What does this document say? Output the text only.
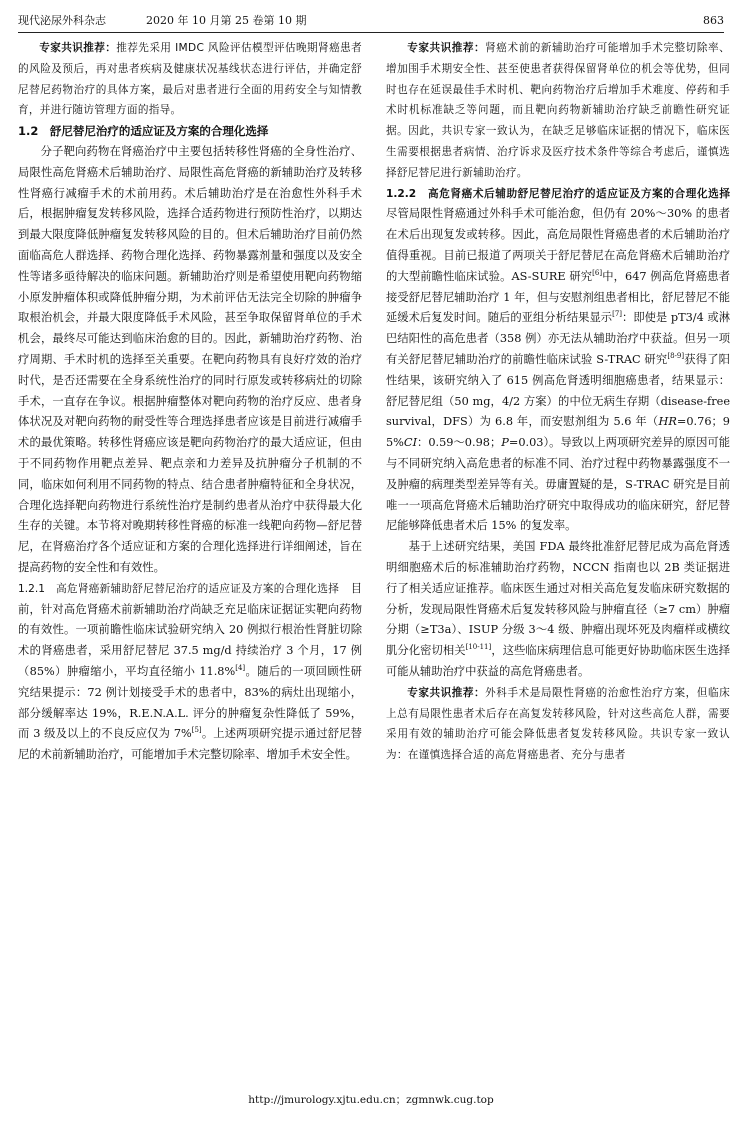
现代泌尿外科杂志	2020 年 10 月第 25 卷第 10 期	863

专家共识推荐：推荐先采用 IMDC 风险评估模型评估晚期肾癌患者的风险及预后，再对患者疾病及健康状况基线状态进行评估，并确定舒尼替尼药物治疗的具体方案，最后对患者进行全面的用药安全与知情教育，并进行随访管理方面的指导。

1.2　舒尼替尼治疗的适应证及方案的合理化选择

分子靶向药物在肾癌治疗中主要包括转移性肾癌的全身性治疗、局限性高危肾癌术后辅助治疗、局限性高危肾癌的新辅助治疗及转移性肾癌行减瘤手术的术前用药。术后辅助治疗是在治愈性外科手术后，根据肿瘤复发转移风险，选择合适药物进行预防性治疗，以期达到最大限度降低肿瘤复发转移风险的目的。但术后辅助治疗目前仍然面临高危人群选择、药物合理化选择、药物暴露剂量和强度以及安全性等诸多亟待解决的临床问题。新辅助治疗则是希望使用靶向药物缩小原发肿瘤体积或降低肿瘤分期，为术前评估无法完全切除的肿瘤争取根治机会，并最大限度降低手术风险，甚至争取保留肾单位的手术机会，最终尽可能达到临床治愈的目的。因此，新辅助治疗药物、治疗周期、手术时机的选择至关重要。在靶向药物具有良好疗效的治疗时代，是否还需要在全身系统性治疗的同时行原发或转移病灶的切除手术，一直存在争议。根据肿瘤整体对靶向药物的治疗反应、患者身体状况及对靶向药物的耐受性等合理选择患者应该是目前进行减瘤手术的最优策略。转移性肾癌应该是靶向药物治疗的最大适应证，但由于不同药物作用靶点差异、靶点亲和力差异及抗肿瘤分子机制的不同，临床如何利用不同药物的特点、结合患者肿瘤特征和全身状况，合理化选择靶向药物进行系统性治疗是制约患者从治疗中获得最大化生存的关键。本节将对晚期转移性肾癌的标准一线靶向药物—舒尼替尼，在肾癌治疗各个适应证和方案的合理化选择进行详细阐述，旨在提高药物的安全性和有效性。

1.2.1　高危肾癌新辅助舒尼替尼治疗的适应证及方案的合理化选择　 目前，针对高危肾癌术前新辅助治疗尚缺乏充足临床证据证实靶向药物的有效性。一项前瞻性临床试验研究纳入 20 例拟行根治性肾脏切除术的肾癌患者，采用舒尼替尼 37.5 mg/d 持续治疗 3 个月，17 例（85%）肿瘤缩小，平均直径缩小 11.8%[4]。随后的一项回顾性研究结果提示：72 例计划接受手术的患者中，83%的病灶出现缩小，部分缓解率达 19%，R.E.N.A.L. 评分的肿瘤复杂性降低了 59%，而 3 级及以上的不良反应仅为 7%[5]。上述两项研究提示通过舒尼替尼的术前新辅助治疗，可能增加手术完整切除率、增加手术安全性。

专家共识推荐：肾癌术前的新辅助治疗可能增加手术完整切除率、增加围手术期安全性、甚至使患者获得保留肾单位的机会等优势，但同时也存在延误最佳手术时机、靶向药物治疗后增加手术难度、停药和手术时机标准缺乏等问题，而且靶向药物新辅助治疗缺乏前瞻性研究证据。因此，共识专家一致认为，在缺乏足够临床证据的情况下，临床医生需要根据患者病情、治疗诉求及医疗技术条件等综合考虑后，谨慎选择舒尼替尼进行新辅助治疗。

1.2.2　高危肾癌术后辅助舒尼替尼治疗的适应证及方案的合理化选择　尽管局限性肾癌通过外科手术可能治愈，但仍有 20%～30% 的患者在术后出现复发或转移。因此，高危局限性肾癌患者的术后辅助治疗值得重视。目前已报道了两项关于舒尼替尼在高危肾癌术后辅助治疗的大型前瞻性临床试验。AS-SURE 研究[6]中，647 例高危肾癌患者接受舒尼替尼辅助治疗 1 年，但与安慰剂组患者相比，舒尼替尼不能延缓术后复发时间。随后的亚组分析结果显示[7]：即使是 pT3/4 或淋巴结阳性的高危患者（358 例）亦无法从辅助治疗中获益。但另一项有关舒尼替尼辅助治疗的前瞻性临床试验 S-TRAC 研究[8-9]获得了阳性结果，该研究纳入了 615 例高危肾透明细胞癌患者，结果显示：舒尼替尼组（50 mg，4/2 方案）的中位无病生存期（disease-free survival，DFS）为 6.8 年，而安慰剂组为 5.6 年（HR=0.76；95%CI：0.59～0.98；P=0.03）。导致以上两项研究差异的原因可能与不同研究纳入高危患者的标准不同、治疗过程中药物暴露强度不一及肿瘤的病理类型差异等有关。毋庸置疑的是，S-TRAC 研究是目前唯一一项高危肾癌术后辅助治疗研究中取得成功的临床研究，舒尼替尼能够降低患者术后 15% 的复发率。

基于上述研究结果，美国 FDA 最终批准舒尼替尼成为高危肾透明细胞癌术后的标准辅助治疗药物，NCCN 指南也以 2B 类证据进行了相关适应证推荐。临床医生通过对相关高危复发临床研究数据的分析，发现局限性肾癌术后复发转移风险与肿瘤直径（≥7 cm）肿瘤分期（≥T3a）、ISUP 分级 3～4 级、肿瘤出现坏死及肉瘤样或横纹肌分化密切相关[10-11]，这些临床病理信息可能更好协助临床医生选择可能从辅助治疗中获益的高危肾癌患者。

专家共识推荐：外科手术是局限性肾癌的治愈性治疗方案，但临床上总有局限性患者术后存在高复发转移风险，针对这些高危人群，需要采用有效的辅助治疗可能会降低患者复发转移风险。共识专家一致认为：在谨慎选择合适的高危肾癌患者、充分与患者

http://jmurology.xjtu.edu.cn；zgmnwk.cug.top
